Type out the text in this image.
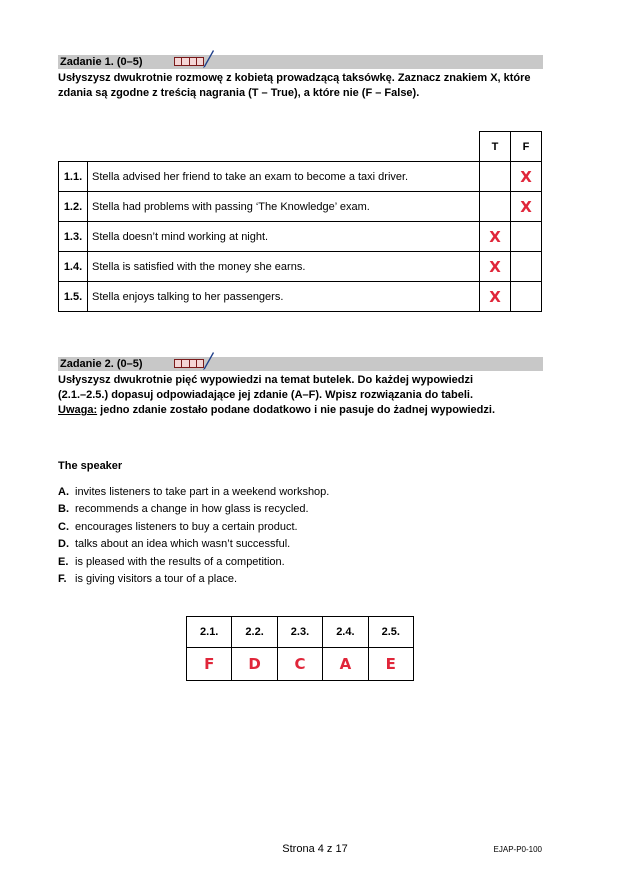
Zadanie 1. (0–5)
Usłyszysz dwukrotnie rozmowę z kobietą prowadzącą taksówkę. Zaznacz znakiem X, które zdania są zgodne z treścią nagrania (T – True), a które nie (F – False).
		T	F
1.1.	Stella advised her friend to take an exam to become a taxi driver.		X
1.2.	Stella had problems with passing ‘The Knowledge’ exam.		X
1.3.	Stella doesn’t mind working at night.	X	
1.4.	Stella is satisfied with the money she earns.	X	
1.5.	Stella enjoys talking to her passengers.	X	
Zadanie 2. (0–5)
Usłyszysz dwukrotnie pięć wypowiedzi na temat butelek. Do każdej wypowiedzi
(2.1.–2.5.) dopasuj odpowiadające jej zdanie (A–F). Wpisz rozwiązania do tabeli.
Uwaga: jedno zdanie zostało podane dodatkowo i nie pasuje do żadnej wypowiedzi.
The speaker
A. invites listeners to take part in a weekend workshop.
B. recommends a change in how glass is recycled.
C. encourages listeners to buy a certain product.
D. talks about an idea which wasn’t successful.
E. is pleased with the results of a competition.
F. is giving visitors a tour of a place.
2.1.	2.2.	2.3.	2.4.	2.5.
F	D	C	A	E
Strona 4 z 17	EJAP-P0-100
